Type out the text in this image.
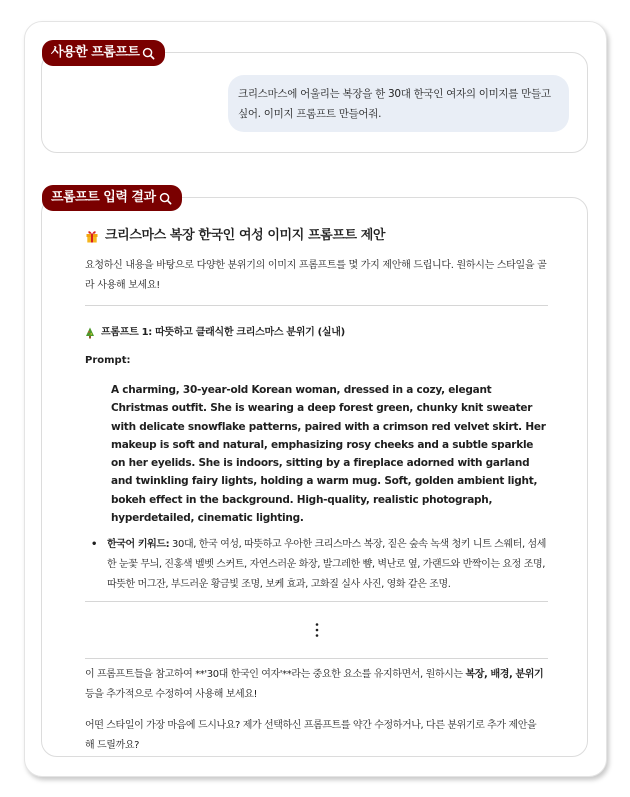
사용한 프롬프트
크리스마스에 어울리는 복장을 한 30대 한국인 여자의 이미지를 만들고 싶어. 이미지 프롬프트 만들어줘.
프롬프트 입력 결과
크리스마스 복장 한국인 여성 이미지 프롬프트 제안
요청하신 내용을 바탕으로 다양한 분위기의 이미지 프롬프트를 몇 가지 제안해 드립니다. 원하시는 스타일을 골라 사용해 보세요!
프롬프트 1: 따뜻하고 클래식한 크리스마스 분위기 (실내)
Prompt:
A charming, 30-year-old Korean woman, dressed in a cozy, elegant Christmas outfit. She is wearing a deep forest green, chunky knit sweater with delicate snowflake patterns, paired with a crimson red velvet skirt. Her makeup is soft and natural, emphasizing rosy cheeks and a subtle sparkle on her eyelids. She is indoors, sitting by a fireplace adorned with garland and twinkling fairy lights, holding a warm mug. Soft, golden ambient light, bokeh effect in the background. High-quality, realistic photograph, hyperdetailed, cinematic lighting.
•	한국어 키워드: 30대, 한국 여성, 따뜻하고 우아한 크리스마스 복장, 짙은 숲속 녹색 청키 니트 스웨터, 섬세한 눈꽃 무늬, 진홍색 벨벳 스커트, 자연스러운 화장, 발그레한 뺨, 벽난로 옆, 가랜드와 반짝이는 요정 조명, 따뜻한 머그잔, 부드러운 황금빛 조명, 보케 효과, 고화질 실사 사진, 영화 같은 조명.
이 프롬프트들을 참고하여 **'30대 한국인 여자'**라는 중요한 요소를 유지하면서, 원하시는 복장, 배경, 분위기 등을 추가적으로 수정하여 사용해 보세요!
어떤 스타일이 가장 마음에 드시나요? 제가 선택하신 프롬프트를 약간 수정하거나, 다른 분위기로 추가 제안을 해 드릴까요?
